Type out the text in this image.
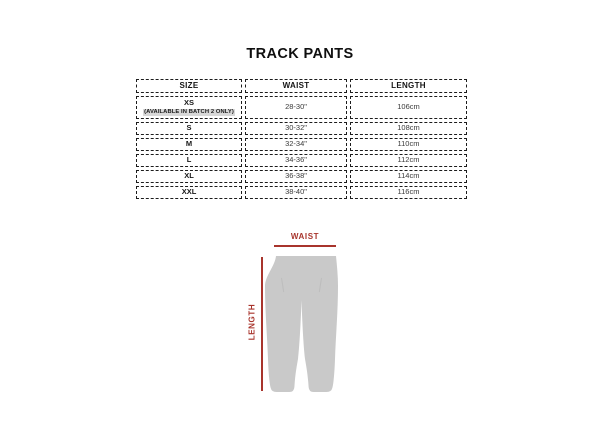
TRACK PANTS
SIZE	WAIST	LENGTH
XS
(AVAILABLE IN BATCH 2 ONLY)	28-30"	106cm
S	30-32"	108cm
M	32-34"	110cm
L	34-36"	112cm
XL	36-38"	114cm
XXL	38-40"	116cm
WAIST
LENGTH
